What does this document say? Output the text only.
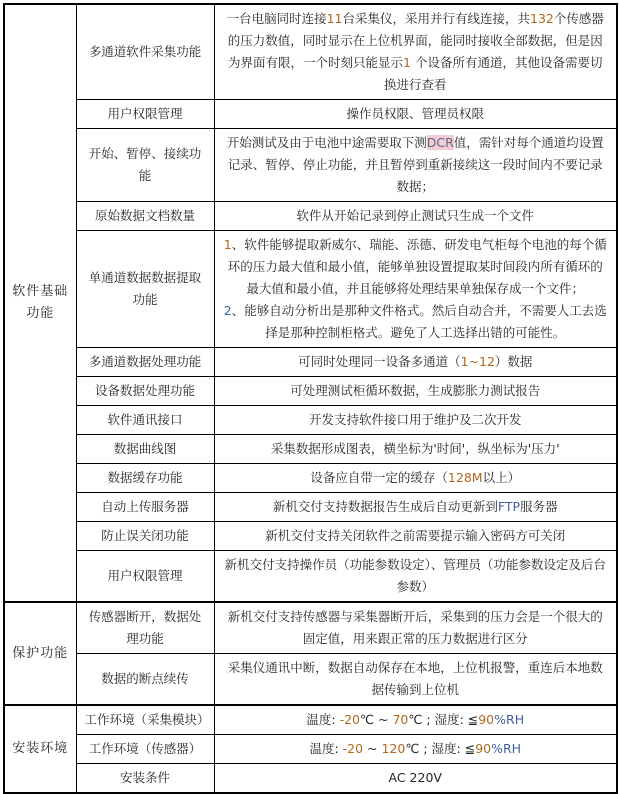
软件基础功能	多通道软件采集功能	一台电脑同时连接11台采集仪，采用并行有线连接，共132个传感器的压力数值，同时显示在上位机界面，能同时接收全部数据，但是因为界面有限，一个时刻只能显示1 个设备所有通道，其他设备需要切换进行查看
	用户权限管理	操作员权限、管理员权限
	开始、暂停、接续功能	开始测试及由于电池中途需要取下测DCR值，需针对每个通道均设置记录、暂停、停止功能，并且暂停到重新接续这一段时间内不要记录数据；
	原始数据文档数量	软件从开始记录到停止测试只生成一个文件
	单通道数据数据提取功能	1、软件能够提取新威尔、瑞能、泺德、研发电气柜每个电池的每个循环的压力最大值和最小值，能够单独设置提取某时间段内所有循环的最大值和最小值，并且能够将处理结果单独保存成一个文件；
2、能够自动分析出是那种文件格式。然后自动合并，不需要人工去选择是那种控制柜格式。避免了人工选择出错的可能性。
	多通道数据处理功能	可同时处理同一设备多通道（1~12）数据
	设备数据处理功能	可处理测试柜循环数据，生成膨胀力测试报告
	软件通讯接口	开发支持软件接口用于维护及二次开发
	数据曲线图	采集数据形成图表，横坐标为'时间'，纵坐标为'压力'
	数据缓存功能	设备应自带一定的缓存（128M以上）
	自动上传服务器	新机交付支持数据报告生成后自动更新到FTP服务器
	防止误关闭功能	新机交付支持关闭软件之前需要提示输入密码方可关闭
	用户权限管理	新机交付支持操作员（功能参数设定）、管理员（功能参数设定及后台参数）
保护功能	传感器断开，数据处理功能	新机交付支持传感器与采集器断开后，采集到的压力会是一个很大的固定值，用来跟正常的压力数据进行区分
	数据的断点续传	采集仪通讯中断，数据自动保存在本地，上位机报警，重连后本地数据传输到上位机
安装环境	工作环境（采集模块）	温度: -20℃ ~ 70℃ ; 湿度: ≦90%RH
	工作环境（传感器）	温度: -20 ~ 120℃ ; 湿度: ≦90%RH
	安装条件	AC 220V
